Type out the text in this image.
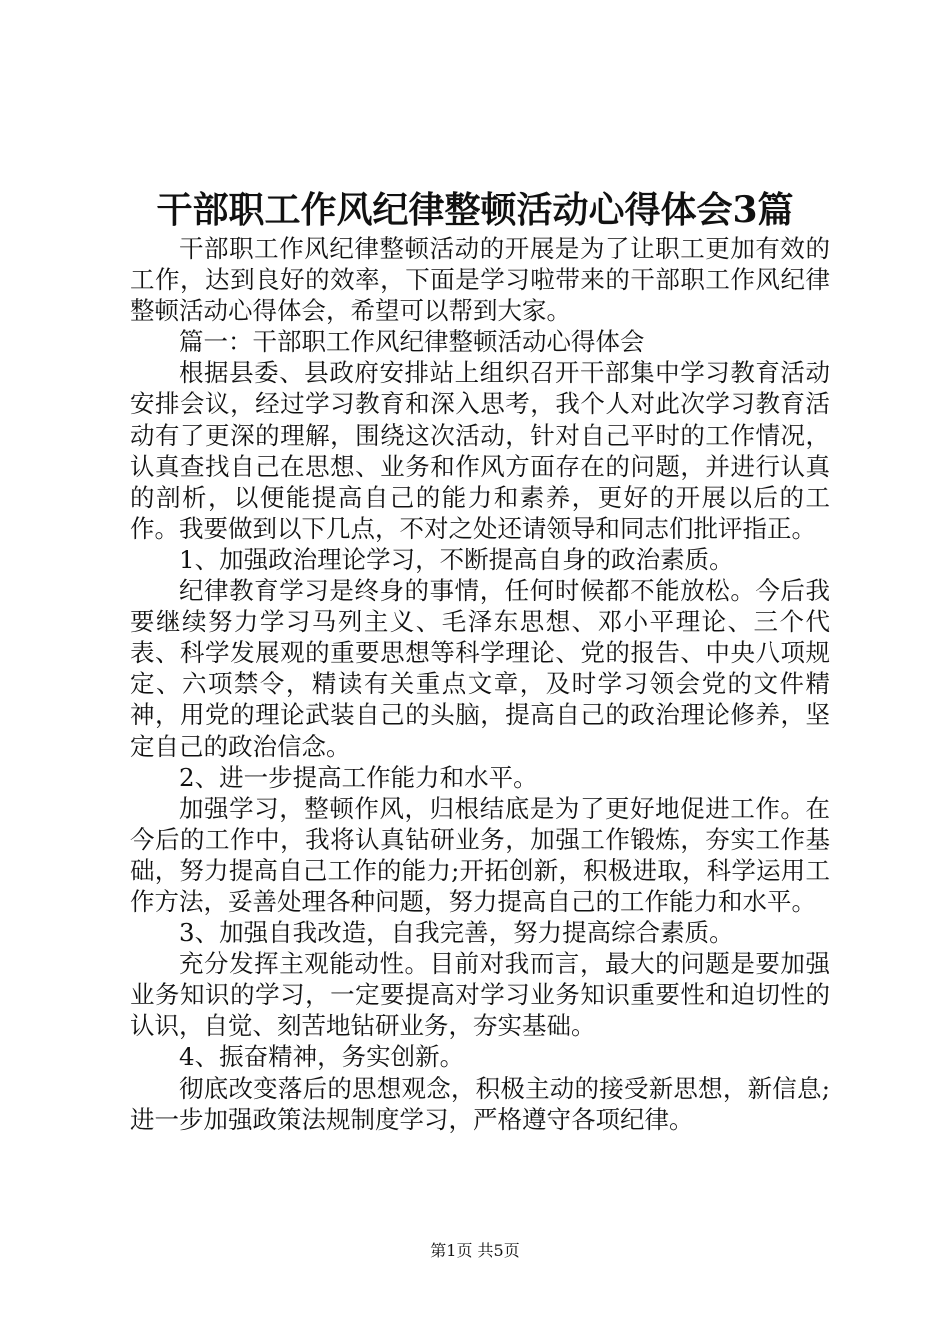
干部职工作风纪律整顿活动心得体会3篇

干部职工作风纪律整顿活动的开展是为了让职工更加有效的工作，达到良好的效率，下面是学习啦带来的干部职工作风纪律整顿活动心得体会，希望可以帮到大家。

篇一：干部职工作风纪律整顿活动心得体会

根据县委、县政府安排站上组织召开干部集中学习教育活动安排会议，经过学习教育和深入思考，我个人对此次学习教育活动有了更深的理解，围绕这次活动，针对自己平时的工作情况，认真查找自己在思想、业务和作风方面存在的问题，并进行认真的剖析，以便能提高自己的能力和素养，更好的开展以后的工作。我要做到以下几点，不对之处还请领导和同志们批评指正。

1、加强政治理论学习，不断提高自身的政治素质。

纪律教育学习是终身的事情，任何时候都不能放松。今后我要继续努力学习马列主义、毛泽东思想、邓小平理论、三个代表、科学发展观的重要思想等科学理论、党的报告、中央八项规定、六项禁令，精读有关重点文章，及时学习领会党的文件精神，用党的理论武装自己的头脑，提高自己的政治理论修养，坚定自己的政治信念。

2、进一步提高工作能力和水平。

加强学习，整顿作风，归根结底是为了更好地促进工作。在今后的工作中，我将认真钻研业务，加强工作锻炼，夯实工作基础，努力提高自己工作的能力;开拓创新，积极进取，科学运用工作方法，妥善处理各种问题，努力提高自己的工作能力和水平。

3、加强自我改造，自我完善，努力提高综合素质。

充分发挥主观能动性。目前对我而言，最大的问题是要加强业务知识的学习，一定要提高对学习业务知识重要性和迫切性的认识，自觉、刻苦地钻研业务，夯实基础。

4、振奋精神，务实创新。

彻底改变落后的思想观念，积极主动的接受新思想，新信息;进一步加强政策法规制度学习，严格遵守各项纪律。

第1页 共5页
